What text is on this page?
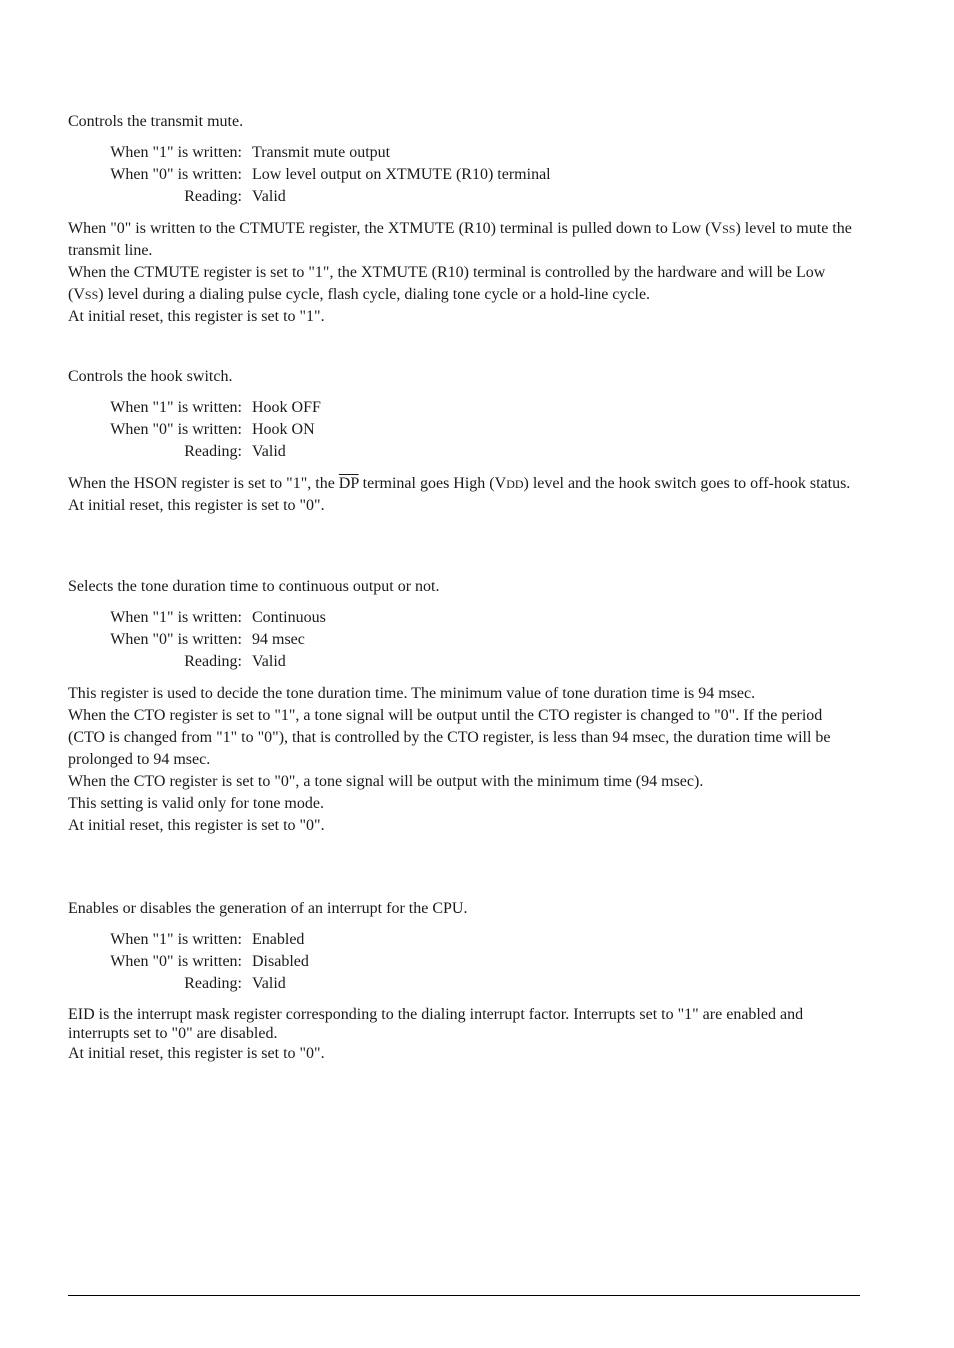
Controls the transmit mute.

When "1" is written: Transmit mute output
When "0" is written: Low level output on XTMUTE (R10) terminal
Reading: Valid

When "0" is written to the CTMUTE register, the XTMUTE (R10) terminal is pulled down to Low (VSS) level to mute the transmit line.

When the CTMUTE register is set to "1", the XTMUTE (R10) terminal is controlled by the hardware and will be Low (VSS) level during a dialing pulse cycle, flash cycle, dialing tone cycle or a hold-line cycle.

At initial reset, this register is set to "1".

Controls the hook switch.

When "1" is written: Hook OFF
When "0" is written: Hook ON
Reading: Valid

When the HSON register is set to "1", the $\overline{DP}$ terminal goes High (VDD) level and the hook switch goes to off-hook status.

At initial reset, this register is set to "0".

Selects the tone duration time to continuous output or not.

When "1" is written: Continuous
When "0" is written: 94 msec
Reading: Valid

This register is used to decide the tone duration time. The minimum value of tone duration time is 94 msec.

When the CTO register is set to "1", a tone signal will be output until the CTO register is changed to "0". If the period (CTO is changed from "1" to "0"), that is controlled by the CTO register, is less than 94 msec, the duration time will be prolonged to 94 msec.

When the CTO register is set to "0", a tone signal will be output with the minimum time (94 msec).

This setting is valid only for tone mode.

At initial reset, this register is set to "0".

Enables or disables the generation of an interrupt for the CPU.

When "1" is written: Enabled
When "0" is written: Disabled
Reading: Valid

EID is the interrupt mask register corresponding to the dialing interrupt factor. Interrupts set to "1" are enabled and interrupts set to "0" are disabled.

At initial reset, this register is set to "0".
